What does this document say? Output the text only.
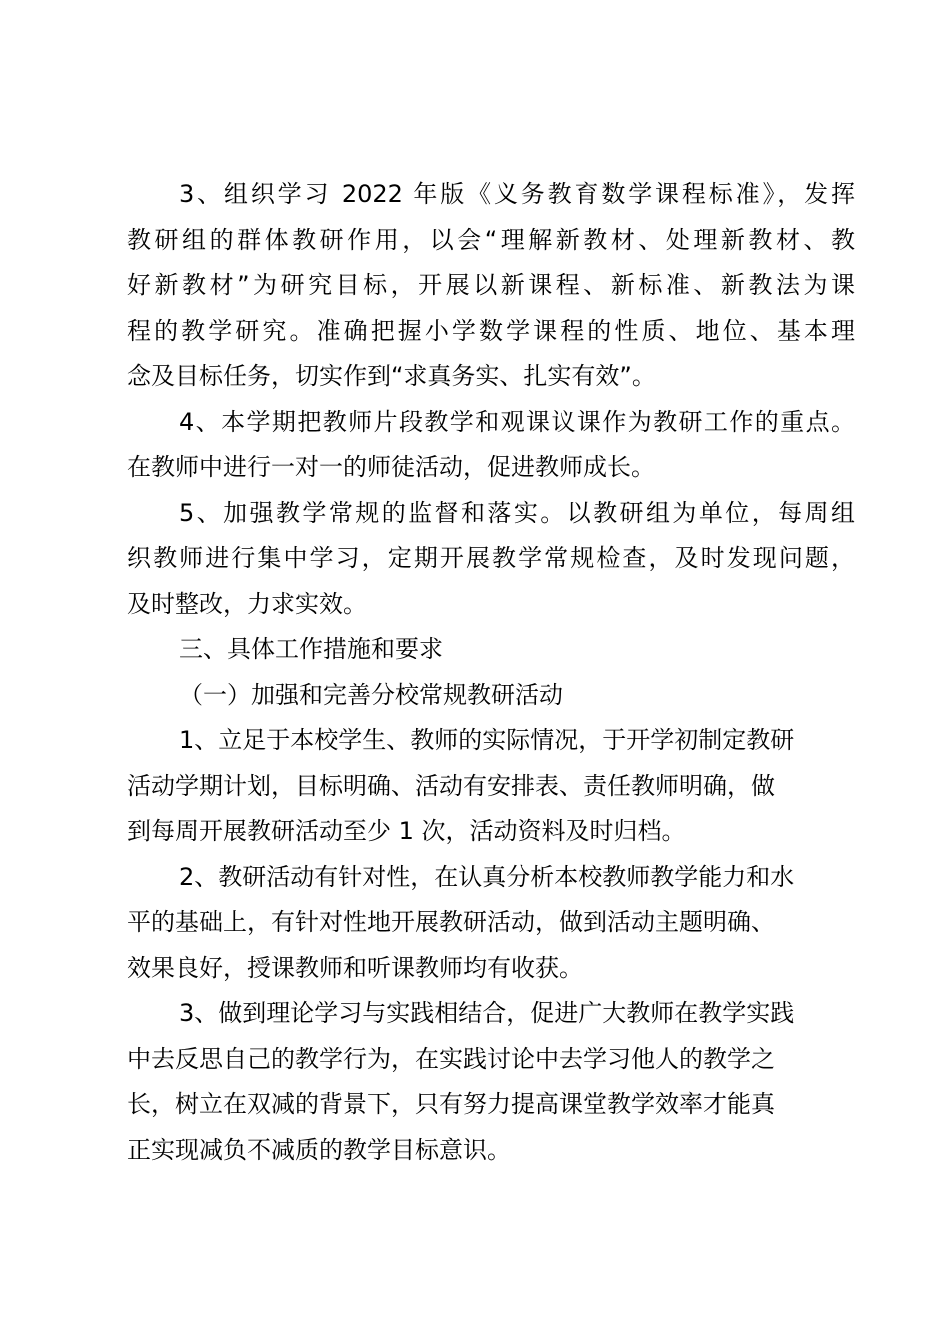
3、组织学习 2022 年版《义务教育数学课程标准》，发挥
教研组的群体教研作用，以会“理解新教材、处理新教材、教
好新教材”为研究目标，开展以新课程、新标准、新教法为课
程的教学研究。准确把握小学数学课程的性质、地位、基本理
念及目标任务，切实作到“求真务实、扎实有效”。
4、本学期把教师片段教学和观课议课作为教研工作的重点。
在教师中进行一对一的师徒活动，促进教师成长。
5、加强教学常规的监督和落实。以教研组为单位，每周组
织教师进行集中学习，定期开展教学常规检查，及时发现问题，
及时整改，力求实效。
三、具体工作措施和要求
（一）加强和完善分校常规教研活动
1、立足于本校学生、教师的实际情况，于开学初制定教研
活动学期计划，目标明确、活动有安排表、责任教师明确，做
到每周开展教研活动至少 1 次，活动资料及时归档。
2、教研活动有针对性，在认真分析本校教师教学能力和水
平的基础上，有针对性地开展教研活动，做到活动主题明确、
效果良好，授课教师和听课教师均有收获。
3、做到理论学习与实践相结合，促进广大教师在教学实践
中去反思自己的教学行为，在实践讨论中去学习他人的教学之
长，树立在双减的背景下，只有努力提高课堂教学效率才能真
正实现减负不减质的教学目标意识。
